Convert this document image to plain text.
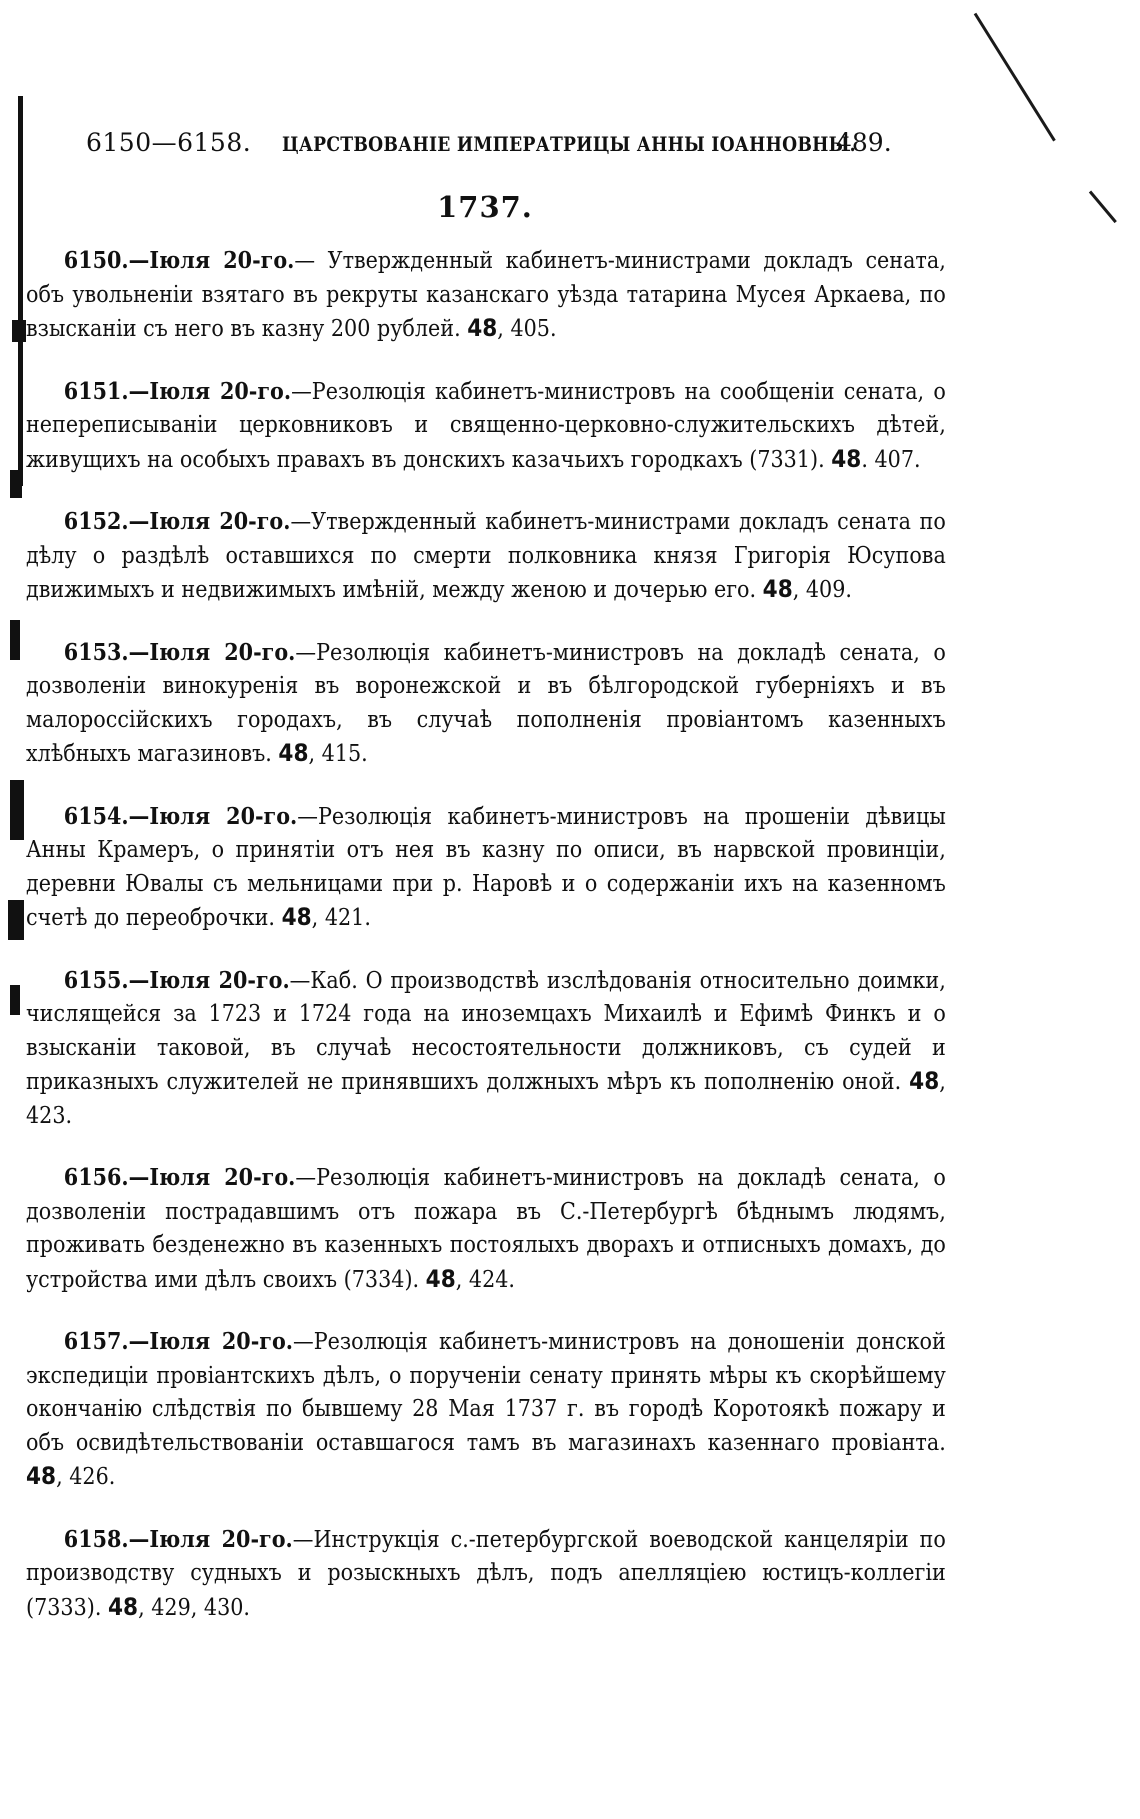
6150—6158. ЦАРСТВОВАНІЕ ИМПЕРАТРИЦЫ АННЫ ІОАННОВНЫ.
489.
1737.

6150.—Іюля 20-го.— Утвержденный кабинетъ-министрами докладъ сената, объ увольненіи взятаго въ рекруты казанскаго уѣзда татарина Мусея Аркаева, по взысканіи съ него въ казну 200 рублей. 48, 405.

6151.—Іюля 20-го.—Резолюція кабинетъ-министровъ на сообщеніи сената, о непереписываніи церковниковъ и священно-церковно-служительскихъ дѣтей, живущихъ на особыхъ правахъ въ донскихъ казачьихъ городкахъ (7331). 48. 407.

6152.—Іюля 20-го.—Утвержденный кабинетъ-министрами докладъ сената по дѣлу о раздѣлѣ оставшихся по смерти полковника князя Григорія Юсупова движимыхъ и недвижимыхъ имѣній, между женою и дочерью его. 48, 409.

6153.—Іюля 20-го.—Резолюція кабинетъ-министровъ на докладѣ сената, о дозволеніи винокуренія въ воронежской и въ бѣлгородской губерніяхъ и въ малороссійскихъ городахъ, въ случаѣ пополненія провіантомъ казенныхъ хлѣбныхъ магазиновъ. 48, 415.

6154.—Іюля 20-го.—Резолюція кабинетъ-министровъ на прошеніи дѣвицы Анны Крамеръ, о принятіи отъ нея въ казну по описи, въ нарвской провинціи, деревни Ювалы съ мельницами при р. Наровѣ и о содержаніи ихъ на казенномъ счетѣ до переоброчки. 48, 421.

6155.—Іюля 20-го.—Каб. О производствѣ изслѣдованія относительно доимки, числящейся за 1723 и 1724 года на иноземцахъ Михаилѣ и Ефимѣ Финкъ и о взысканіи таковой, въ случаѣ несостоятельности должниковъ, съ судей и приказныхъ служителей не принявшихъ должныхъ мѣръ къ пополненію оной. 48, 423.

6156.—Іюля 20-го.—Резолюція кабинетъ-министровъ на докладѣ сената, о дозволеніи пострадавшимъ отъ пожара въ С.-Петербургѣ бѣднымъ людямъ, проживать безденежно въ казенныхъ постоялыхъ дворахъ и отписныхъ домахъ, до устройства ими дѣлъ своихъ (7334). 48, 424.

6157.—Іюля 20-го.—Резолюція кабинетъ-министровъ на доношеніи донской экспедиціи провіантскихъ дѣлъ, о порученіи сенату принять мѣры къ скорѣйшему окончанію слѣдствія по бывшему 28 Мая 1737 г. въ городѣ Коротоякѣ пожару и объ освидѣтельствованіи оставшагося тамъ въ магазинахъ казеннаго провіанта. 48, 426.

6158.—Іюля 20-го.—Инструкція с.-петербургской воеводской канцеляріи по производству судныхъ и розыскныхъ дѣлъ, подъ апелляціею юстицъ-коллегіи (7333). 48, 429, 430.
